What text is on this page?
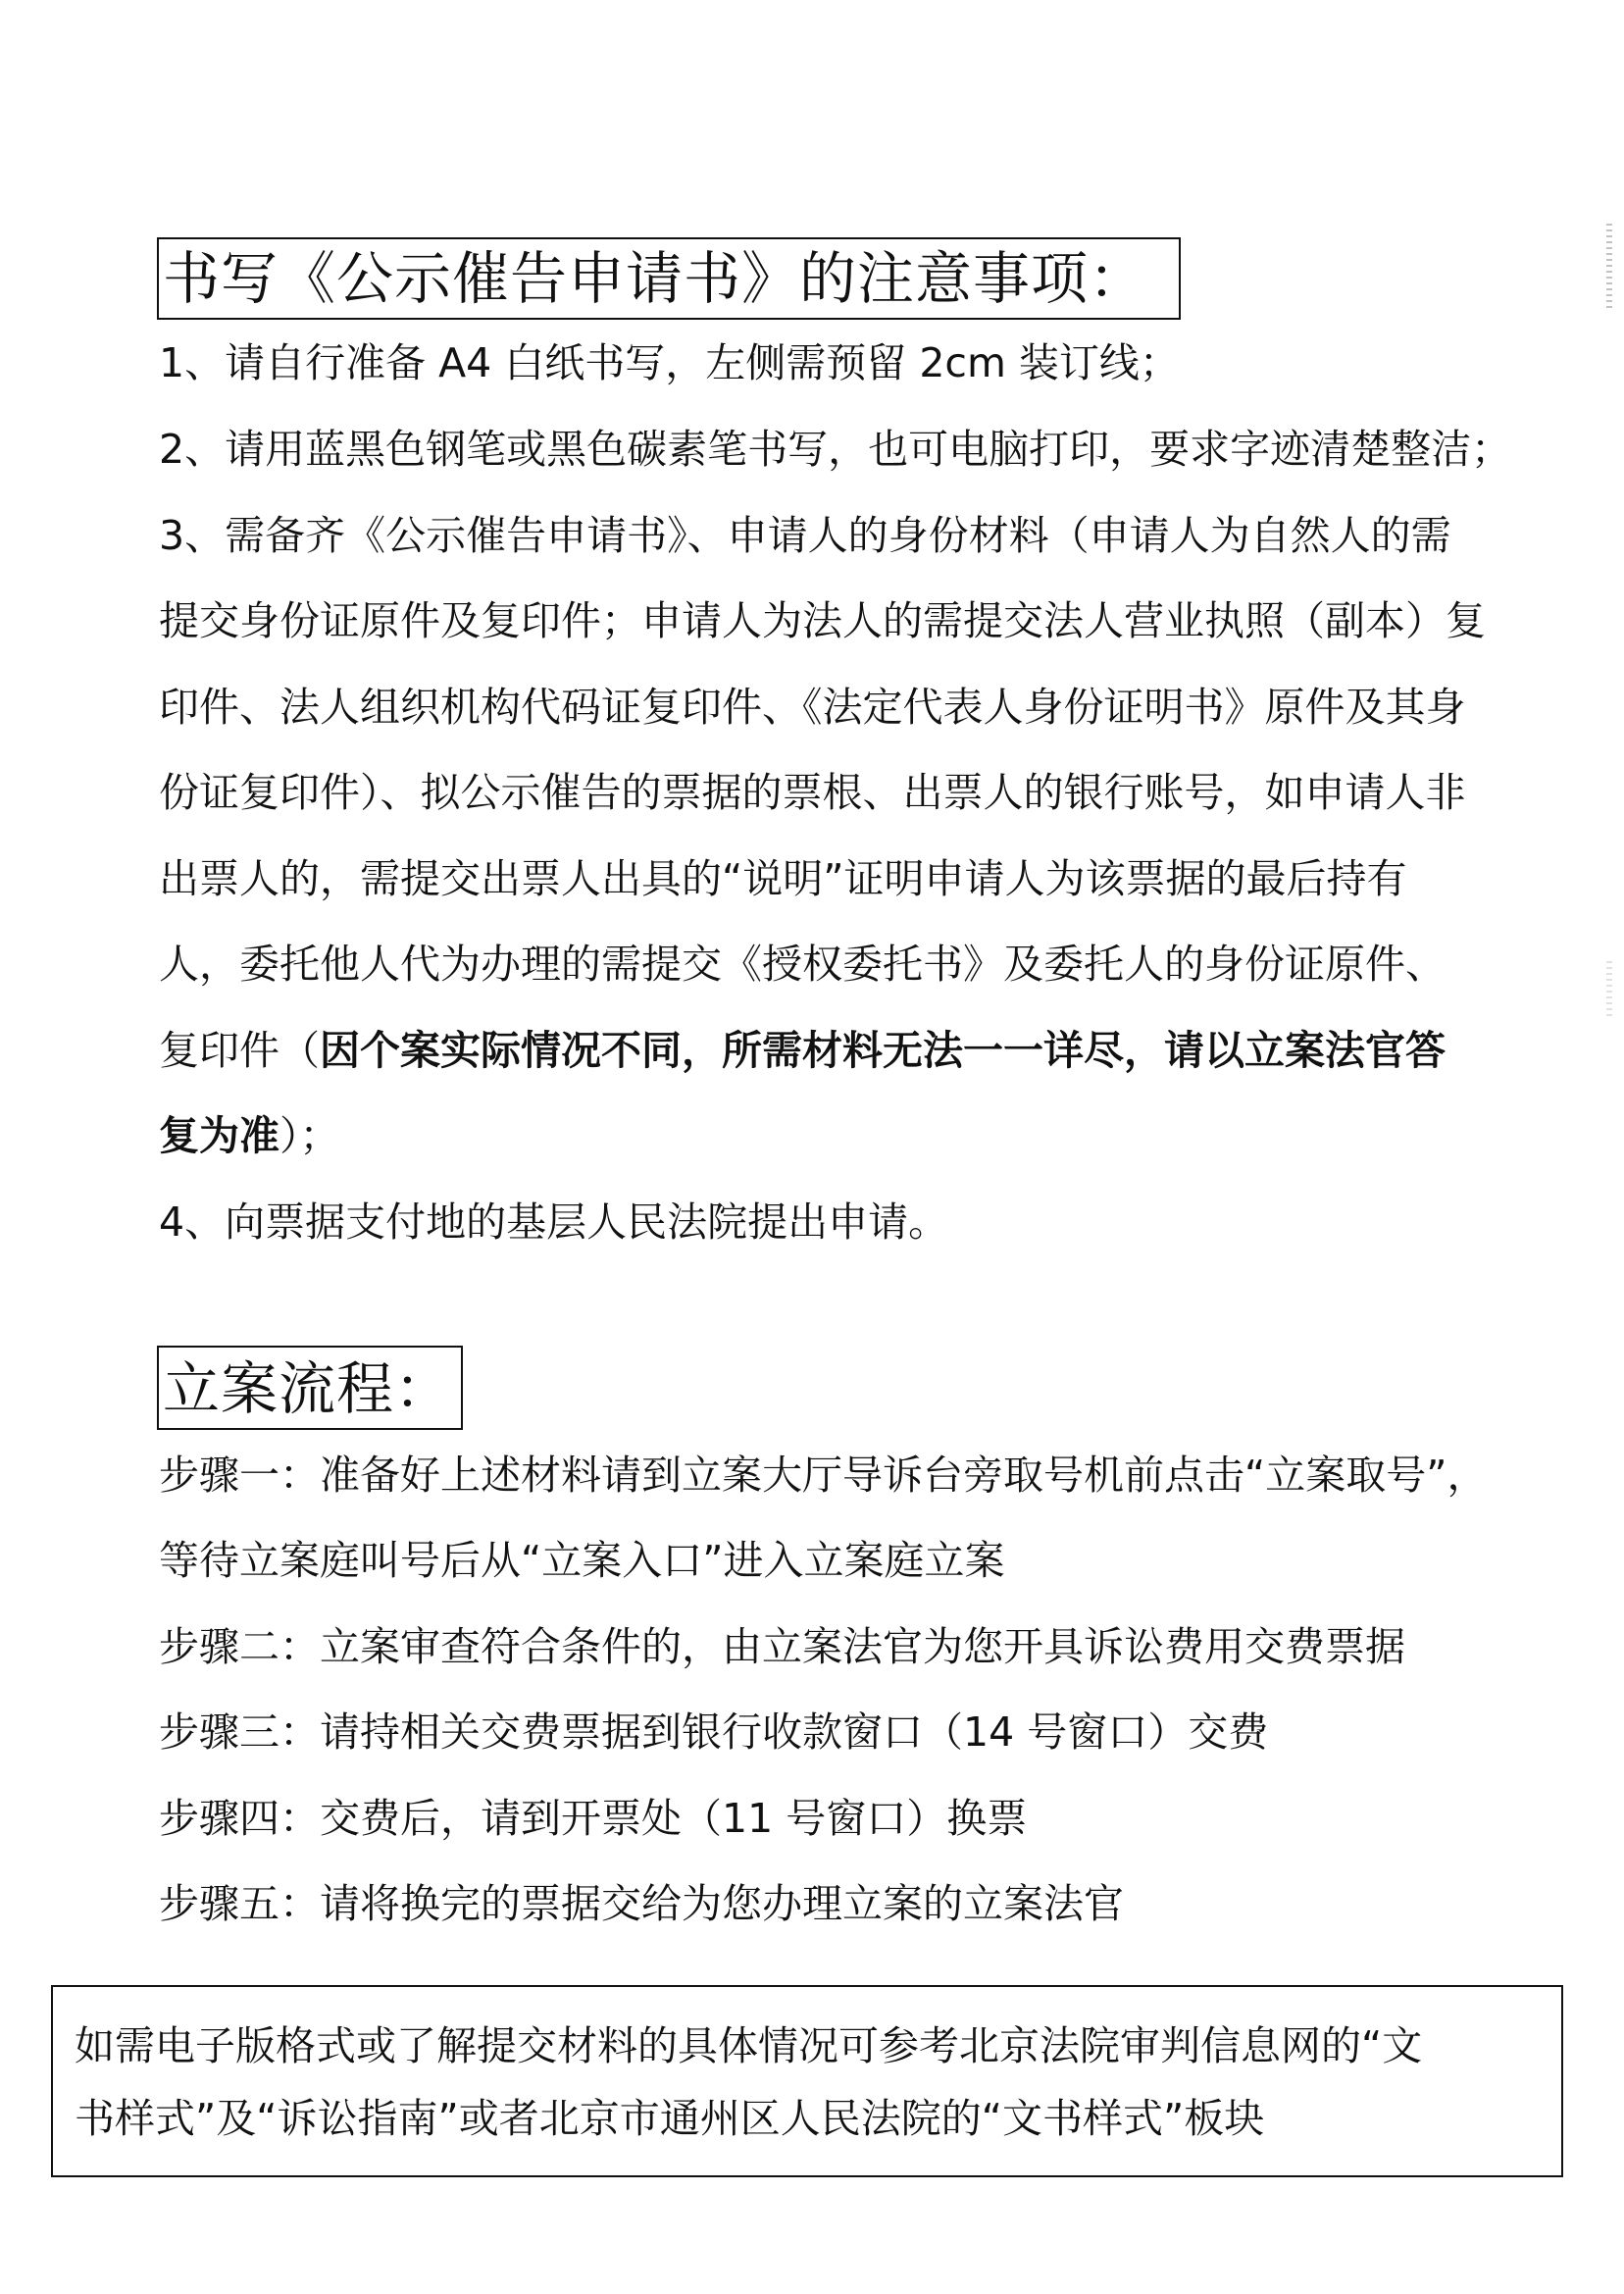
书写《公示催告申请书》的注意事项：
1、请自行准备 A4 白纸书写，左侧需预留 2cm 装订线；
2、请用蓝黑色钢笔或黑色碳素笔书写，也可电脑打印，要求字迹清楚整洁；
3、需备齐《公示催告申请书》、申请人的身份材料（申请人为自然人的需
提交身份证原件及复印件；申请人为法人的需提交法人营业执照（副本）复
印件、法人组织机构代码证复印件、《法定代表人身份证明书》原件及其身
份证复印件）、拟公示催告的票据的票根、出票人的银行账号，如申请人非
出票人的，需提交出票人出具的“说明”证明申请人为该票据的最后持有
人，委托他人代为办理的需提交《授权委托书》及委托人的身份证原件、
复印件（因个案实际情况不同，所需材料无法一一详尽，请以立案法官答
复为准）；
4、向票据支付地的基层人民法院提出申请。
立案流程：
步骤一：准备好上述材料请到立案大厅导诉台旁取号机前点击“立案取号”，
等待立案庭叫号后从“立案入口”进入立案庭立案
步骤二：立案审查符合条件的，由立案法官为您开具诉讼费用交费票据
步骤三：请持相关交费票据到银行收款窗口（14 号窗口）交费
步骤四：交费后，请到开票处（11 号窗口）换票
步骤五：请将换完的票据交给为您办理立案的立案法官
如需电子版格式或了解提交材料的具体情况可参考北京法院审判信息网的“文
书样式”及“诉讼指南”或者北京市通州区人民法院的“文书样式”板块
